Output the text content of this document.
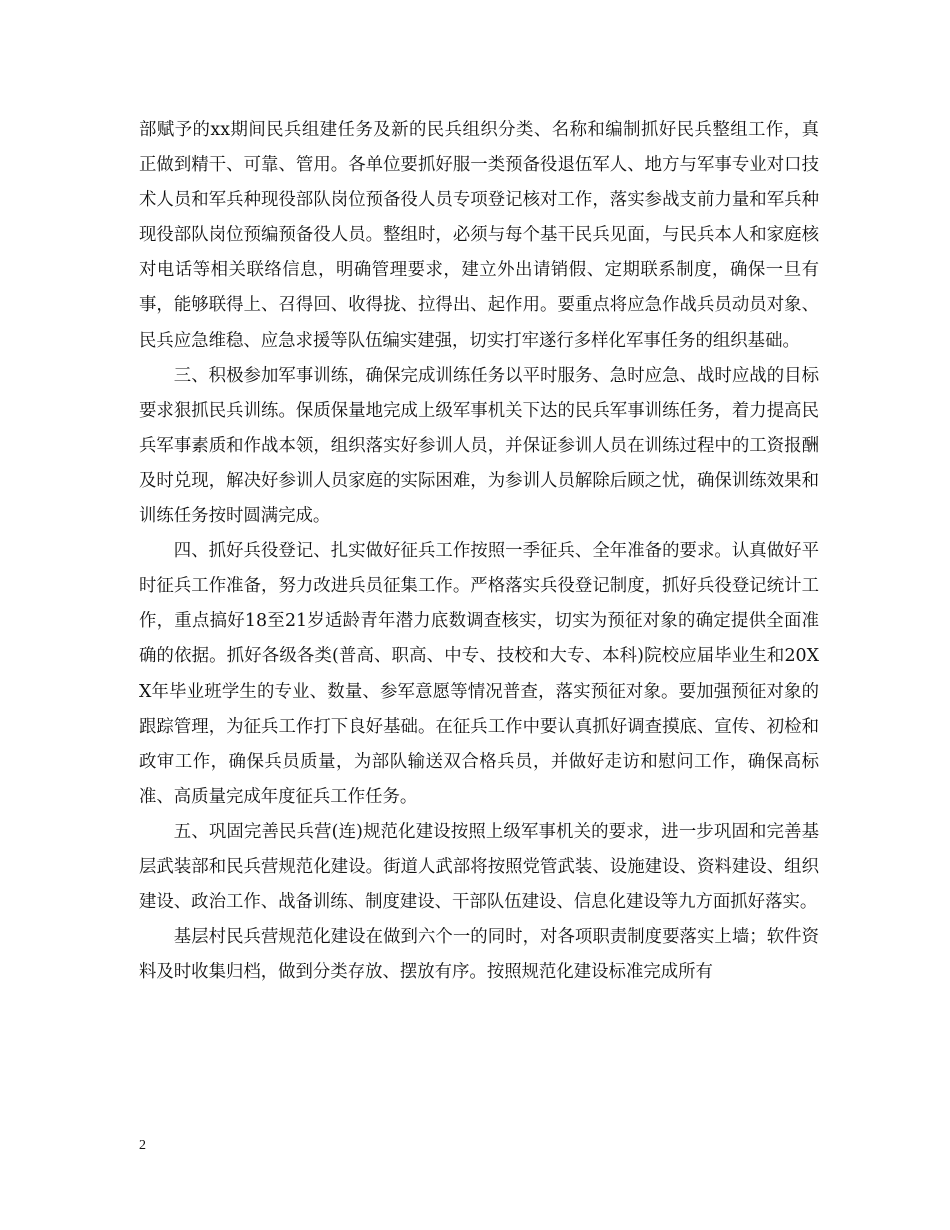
部赋予的xx期间民兵组建任务及新的民兵组织分类、名称和编制抓好民兵整组工作，真正做到精干、可靠、管用。各单位要抓好服一类预备役退伍军人、地方与军事专业对口技术人员和军兵种现役部队岗位预备役人员专项登记核对工作，落实参战支前力量和军兵种现役部队岗位预编预备役人员。整组时，必须与每个基干民兵见面，与民兵本人和家庭核对电话等相关联络信息，明确管理要求，建立外出请销假、定期联系制度，确保一旦有事，能够联得上、召得回、收得拢、拉得出、起作用。要重点将应急作战兵员动员对象、民兵应急维稳、应急求援等队伍编实建强，切实打牢遂行多样化军事任务的组织基础。

三、积极参加军事训练，确保完成训练任务以平时服务、急时应急、战时应战的目标要求狠抓民兵训练。保质保量地完成上级军事机关下达的民兵军事训练任务，着力提高民兵军事素质和作战本领，组织落实好参训人员，并保证参训人员在训练过程中的工资报酬及时兑现，解决好参训人员家庭的实际困难，为参训人员解除后顾之忧，确保训练效果和训练任务按时圆满完成。

四、抓好兵役登记、扎实做好征兵工作按照一季征兵、全年准备的要求。认真做好平时征兵工作准备，努力改进兵员征集工作。严格落实兵役登记制度，抓好兵役登记统计工作，重点搞好18至21岁适龄青年潜力底数调查核实，切实为预征对象的确定提供全面准确的依据。抓好各级各类(普高、职高、中专、技校和大专、本科)院校应届毕业生和20XX年毕业班学生的专业、数量、参军意愿等情况普查，落实预征对象。要加强预征对象的跟踪管理，为征兵工作打下良好基础。在征兵工作中要认真抓好调查摸底、宣传、初检和政审工作，确保兵员质量，为部队输送双合格兵员，并做好走访和慰问工作，确保高标准、高质量完成年度征兵工作任务。

五、巩固完善民兵营(连)规范化建设按照上级军事机关的要求，进一步巩固和完善基层武装部和民兵营规范化建设。街道人武部将按照党管武装、设施建设、资料建设、组织建设、政治工作、战备训练、制度建设、干部队伍建设、信息化建设等九方面抓好落实。

基层村民兵营规范化建设在做到六个一的同时，对各项职责制度要落实上墙；软件资料及时收集归档，做到分类存放、摆放有序。按照规范化建设标准完成所有

2
